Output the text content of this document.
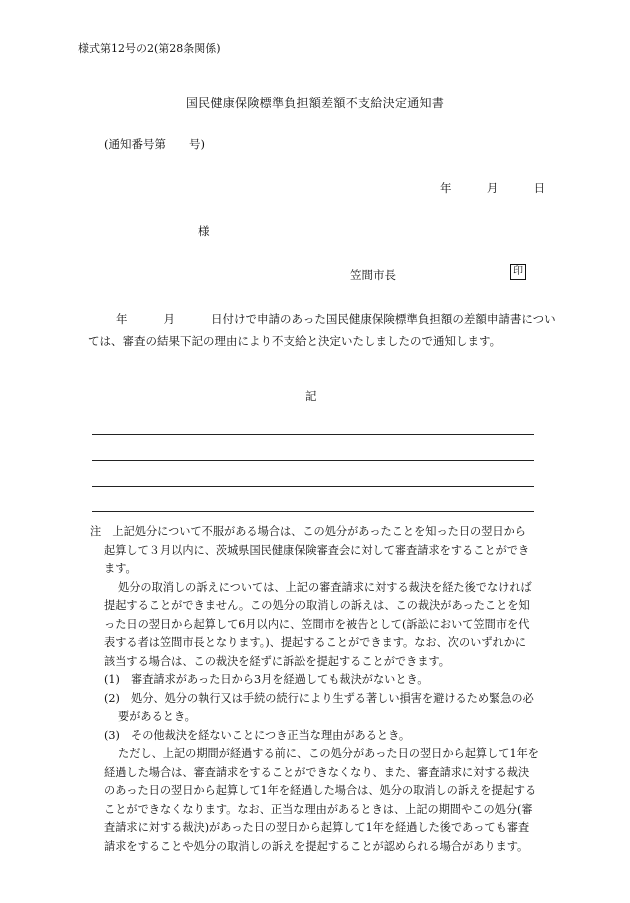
様式第12号の2(第28条関係)
国民健康保険標準負担額差額不支給決定通知書
(通知番号第　　号)
年	月	日
様
笠間市長	印
年	月	日付けで申請のあった国民健康保険標準負担額の差額申請書につい
ては、審査の結果下記の理由により不支給と決定いたしましたので通知します。
記
注　上記処分について不服がある場合は、この処分があったことを知った日の翌日から
起算して３月以内に、茨城県国民健康保険審査会に対して審査請求をすることができ
ます。
処分の取消しの訴えについては、上記の審査請求に対する裁決を経た後でなければ
提起することができません。この処分の取消しの訴えは、この裁決があったことを知
った日の翌日から起算して6月以内に、笠間市を被告として(訴訟において笠間市を代
表する者は笠間市長となります。)、提起することができます。なお、次のいずれかに
該当する場合は、この裁決を経ずに訴訟を提起することができます。
(1)　審査請求があった日から3月を経過しても裁決がないとき。
(2)　処分、処分の執行又は手続の続行により生ずる著しい損害を避けるため緊急の必
要があるとき。
(3)　その他裁決を経ないことにつき正当な理由があるとき。
ただし、上記の期間が経過する前に、この処分があった日の翌日から起算して1年を
経過した場合は、審査請求をすることができなくなり、また、審査請求に対する裁決
のあった日の翌日から起算して1年を経過した場合は、処分の取消しの訴えを提起する
ことができなくなります。なお、正当な理由があるときは、上記の期間やこの処分(審
査請求に対する裁決)があった日の翌日から起算して1年を経過した後であっても審査
請求をすることや処分の取消しの訴えを提起することが認められる場合があります。
